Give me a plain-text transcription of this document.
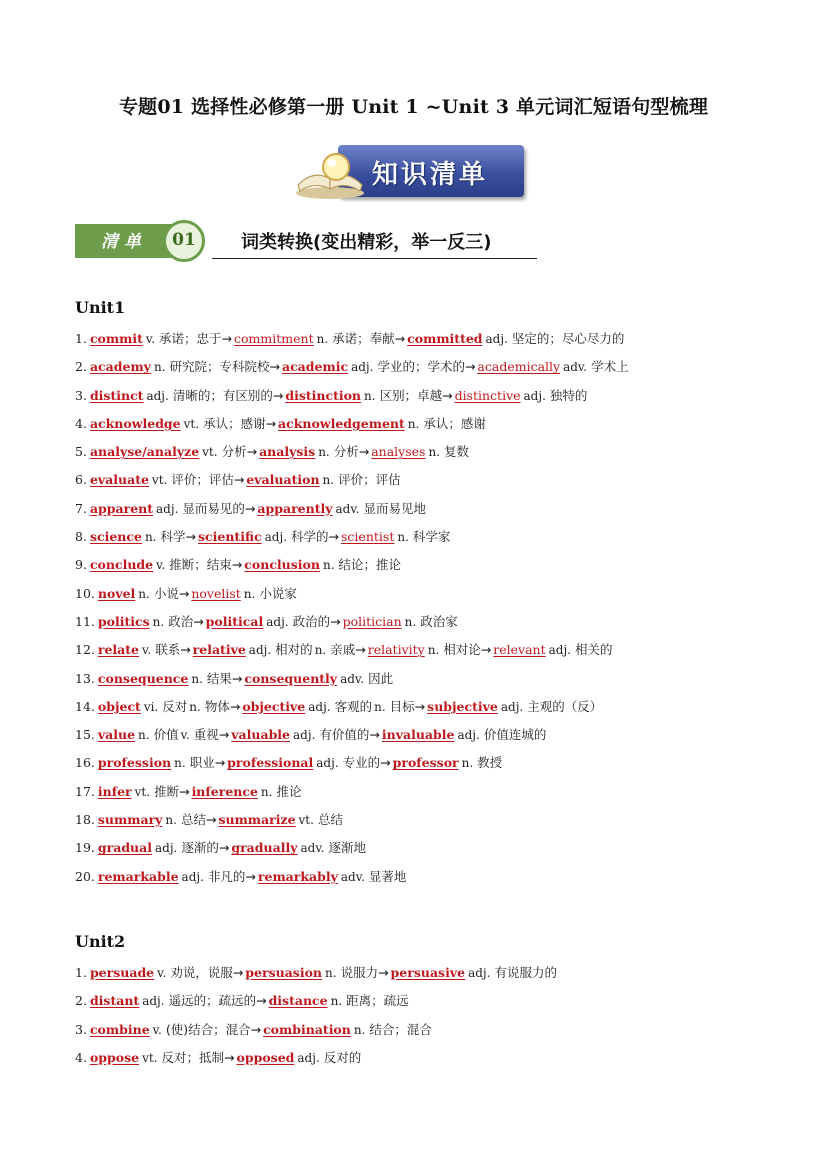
专题01 选择性必修第一册 Unit 1 ~Unit 3 单元词汇短语句型梳理
知识清单
清单	01	词类转换(变出精彩，举一反三)
Unit1
1. commit v. 承诺；忠于→ commitment n. 承诺；奉献→ committed adj. 坚定的；尽心尽力的
2. academy n. 研究院；专科院校→ academic adj. 学业的；学术的→ academically adv. 学术上
3. distinct adj. 清晰的；有区别的→ distinction n. 区别；卓越→ distinctive adj. 独特的
4. acknowledge vt. 承认；感谢→ acknowledgement n. 承认；感谢
5. analyse/analyze vt. 分析→ analysis n. 分析→ analyses n. 复数
6. evaluate vt. 评价；评估→ evaluation n. 评价；评估
7. apparent adj. 显而易见的→ apparently adv. 显而易见地
8. science n. 科学→ scientific adj. 科学的→ scientist n. 科学家
9. conclude v. 推断；结束→ conclusion n. 结论；推论
10. novel n. 小说→ novelist n. 小说家
11. politics n. 政治→ political adj. 政治的→ politician n. 政治家
12. relate v. 联系→ relative adj. 相对的 n. 亲戚→ relativity n. 相对论→ relevant adj. 相关的
13. consequence n. 结果→ consequently adv. 因此
14. object vi. 反对 n. 物体→ objective adj. 客观的 n. 目标→ subjective adj. 主观的（反）
15. value n. 价值 v. 重视→ valuable adj. 有价值的→ invaluable adj. 价值连城的
16. profession n. 职业→ professional adj. 专业的→ professor n. 教授
17. infer vt. 推断→ inference n. 推论
18. summary n. 总结→ summarize vt. 总结
19. gradual adj. 逐渐的→ gradually adv. 逐渐地
20. remarkable adj. 非凡的→ remarkably adv. 显著地
Unit2
1. persuade v. 劝说，说服→ persuasion n. 说服力→ persuasive adj. 有说服力的
2. distant adj. 遥远的；疏远的→ distance n. 距离；疏远
3. combine v. (使)结合；混合→ combination n. 结合；混合
4. oppose vt. 反对；抵制→ opposed adj. 反对的
